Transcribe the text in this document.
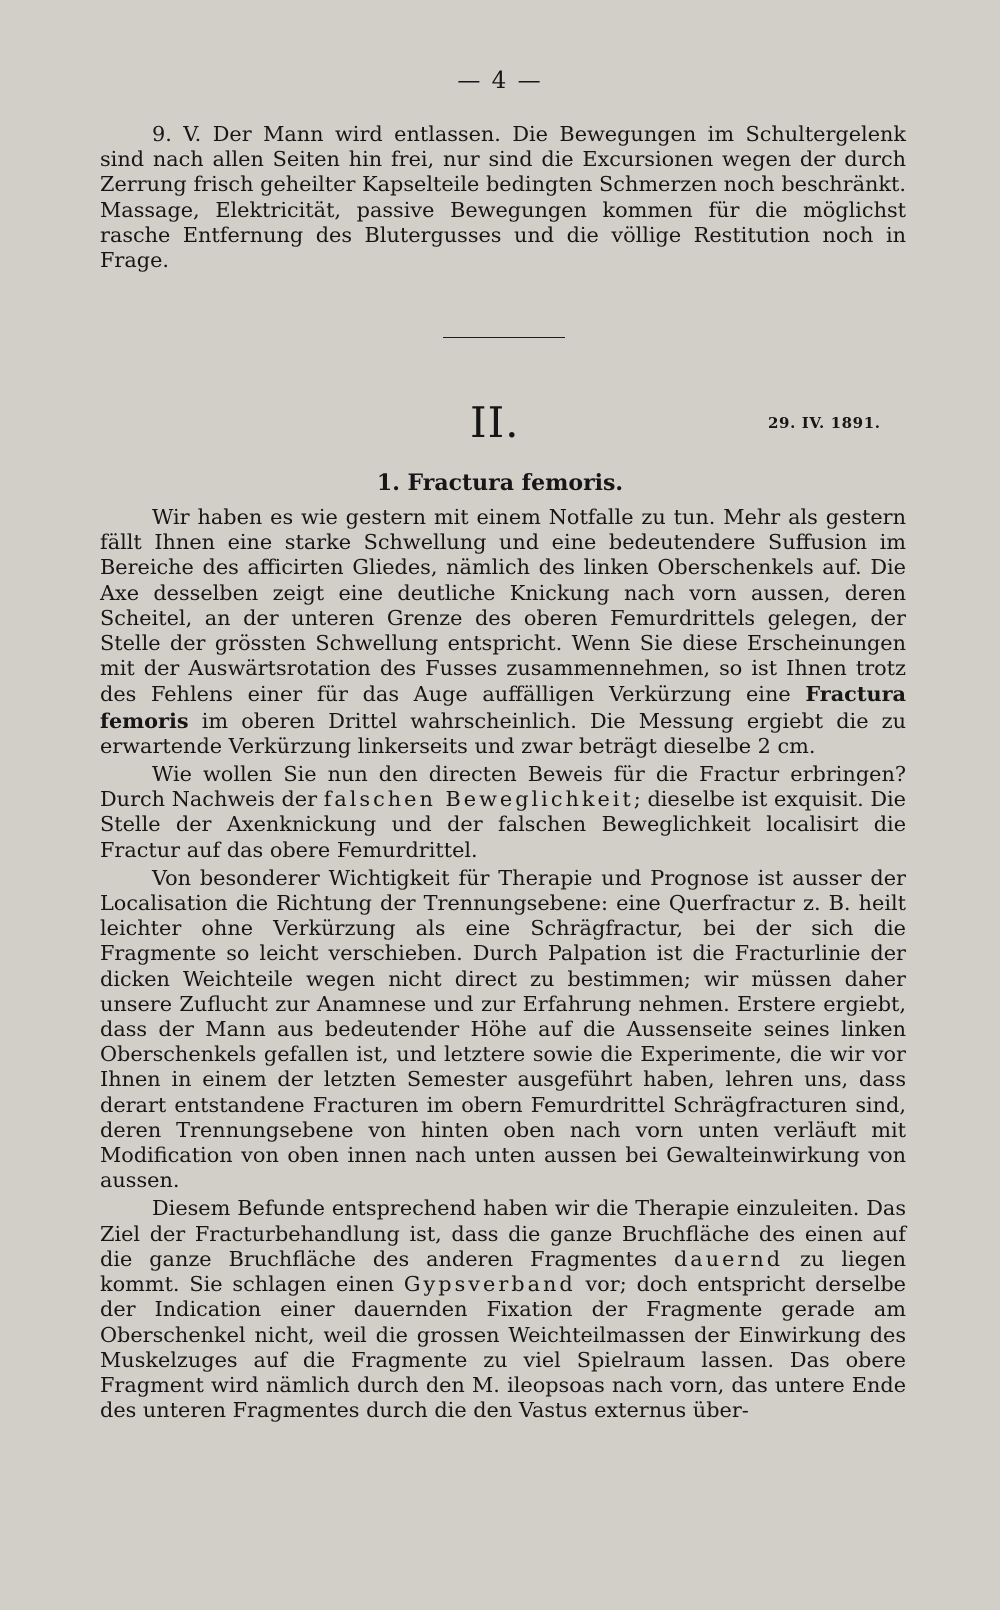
— 4 —

9. V. Der Mann wird entlassen. Die Bewegungen im Schultergelenk sind nach allen Seiten hin frei, nur sind die Excursionen wegen der durch Zerrung frisch geheilter Kapselteile bedingten Schmerzen noch beschränkt. Massage, Elektricität, passive Bewegungen kommen für die möglichst rasche Entfernung des Blutergusses und die völlige Restitution noch in Frage.

II.	29. IV. 1891.
1. Fractura femoris.

Wir haben es wie gestern mit einem Notfalle zu tun. Mehr als gestern fällt Ihnen eine starke Schwellung und eine bedeutendere Suffusion im Bereiche des afficirten Gliedes, nämlich des linken Oberschenkels auf. Die Axe desselben zeigt eine deutliche Knickung nach vorn aussen, deren Scheitel, an der unteren Grenze des oberen Femurdrittels gelegen, der Stelle der grössten Schwellung entspricht. Wenn Sie diese Erscheinungen mit der Auswärtsrotation des Fusses zusammennehmen, so ist Ihnen trotz des Fehlens einer für das Auge auffälligen Verkürzung eine Fractura femoris im oberen Drittel wahrscheinlich. Die Messung ergiebt die zu erwartende Verkürzung linkerseits und zwar beträgt dieselbe 2 cm.

Wie wollen Sie nun den directen Beweis für die Fractur erbringen? Durch Nachweis der falschen Beweglichkeit; dieselbe ist exquisit. Die Stelle der Axenknickung und der falschen Beweglichkeit localisirt die Fractur auf das obere Femurdrittel.

Von besonderer Wichtigkeit für Therapie und Prognose ist ausser der Localisation die Richtung der Trennungsebene: eine Querfractur z. B. heilt leichter ohne Verkürzung als eine Schrägfractur, bei der sich die Fragmente so leicht verschieben. Durch Palpation ist die Fracturlinie der dicken Weichteile wegen nicht direct zu bestimmen; wir müssen daher unsere Zuflucht zur Anamnese und zur Erfahrung nehmen. Erstere ergiebt, dass der Mann aus bedeutender Höhe auf die Aussenseite seines linken Oberschenkels gefallen ist, und letztere sowie die Experimente, die wir vor Ihnen in einem der letzten Semester ausgeführt haben, lehren uns, dass derart entstandene Fracturen im obern Femurdrittel Schrägfracturen sind, deren Trennungsebene von hinten oben nach vorn unten verläuft mit Modification von oben innen nach unten aussen bei Gewalteinwirkung von aussen.

Diesem Befunde entsprechend haben wir die Therapie einzuleiten. Das Ziel der Fracturbehandlung ist, dass die ganze Bruchfläche des einen auf die ganze Bruchfläche des anderen Fragmentes dauernd zu liegen kommt. Sie schlagen einen Gypsverband vor; doch entspricht derselbe der Indication einer dauernden Fixation der Fragmente gerade am Oberschenkel nicht, weil die grossen Weichteilmassen der Einwirkung des Muskelzuges auf die Fragmente zu viel Spielraum lassen. Das obere Fragment wird nämlich durch den M. ileopsoas nach vorn, das untere Ende des unteren Fragmentes durch die den Vastus externus über-
